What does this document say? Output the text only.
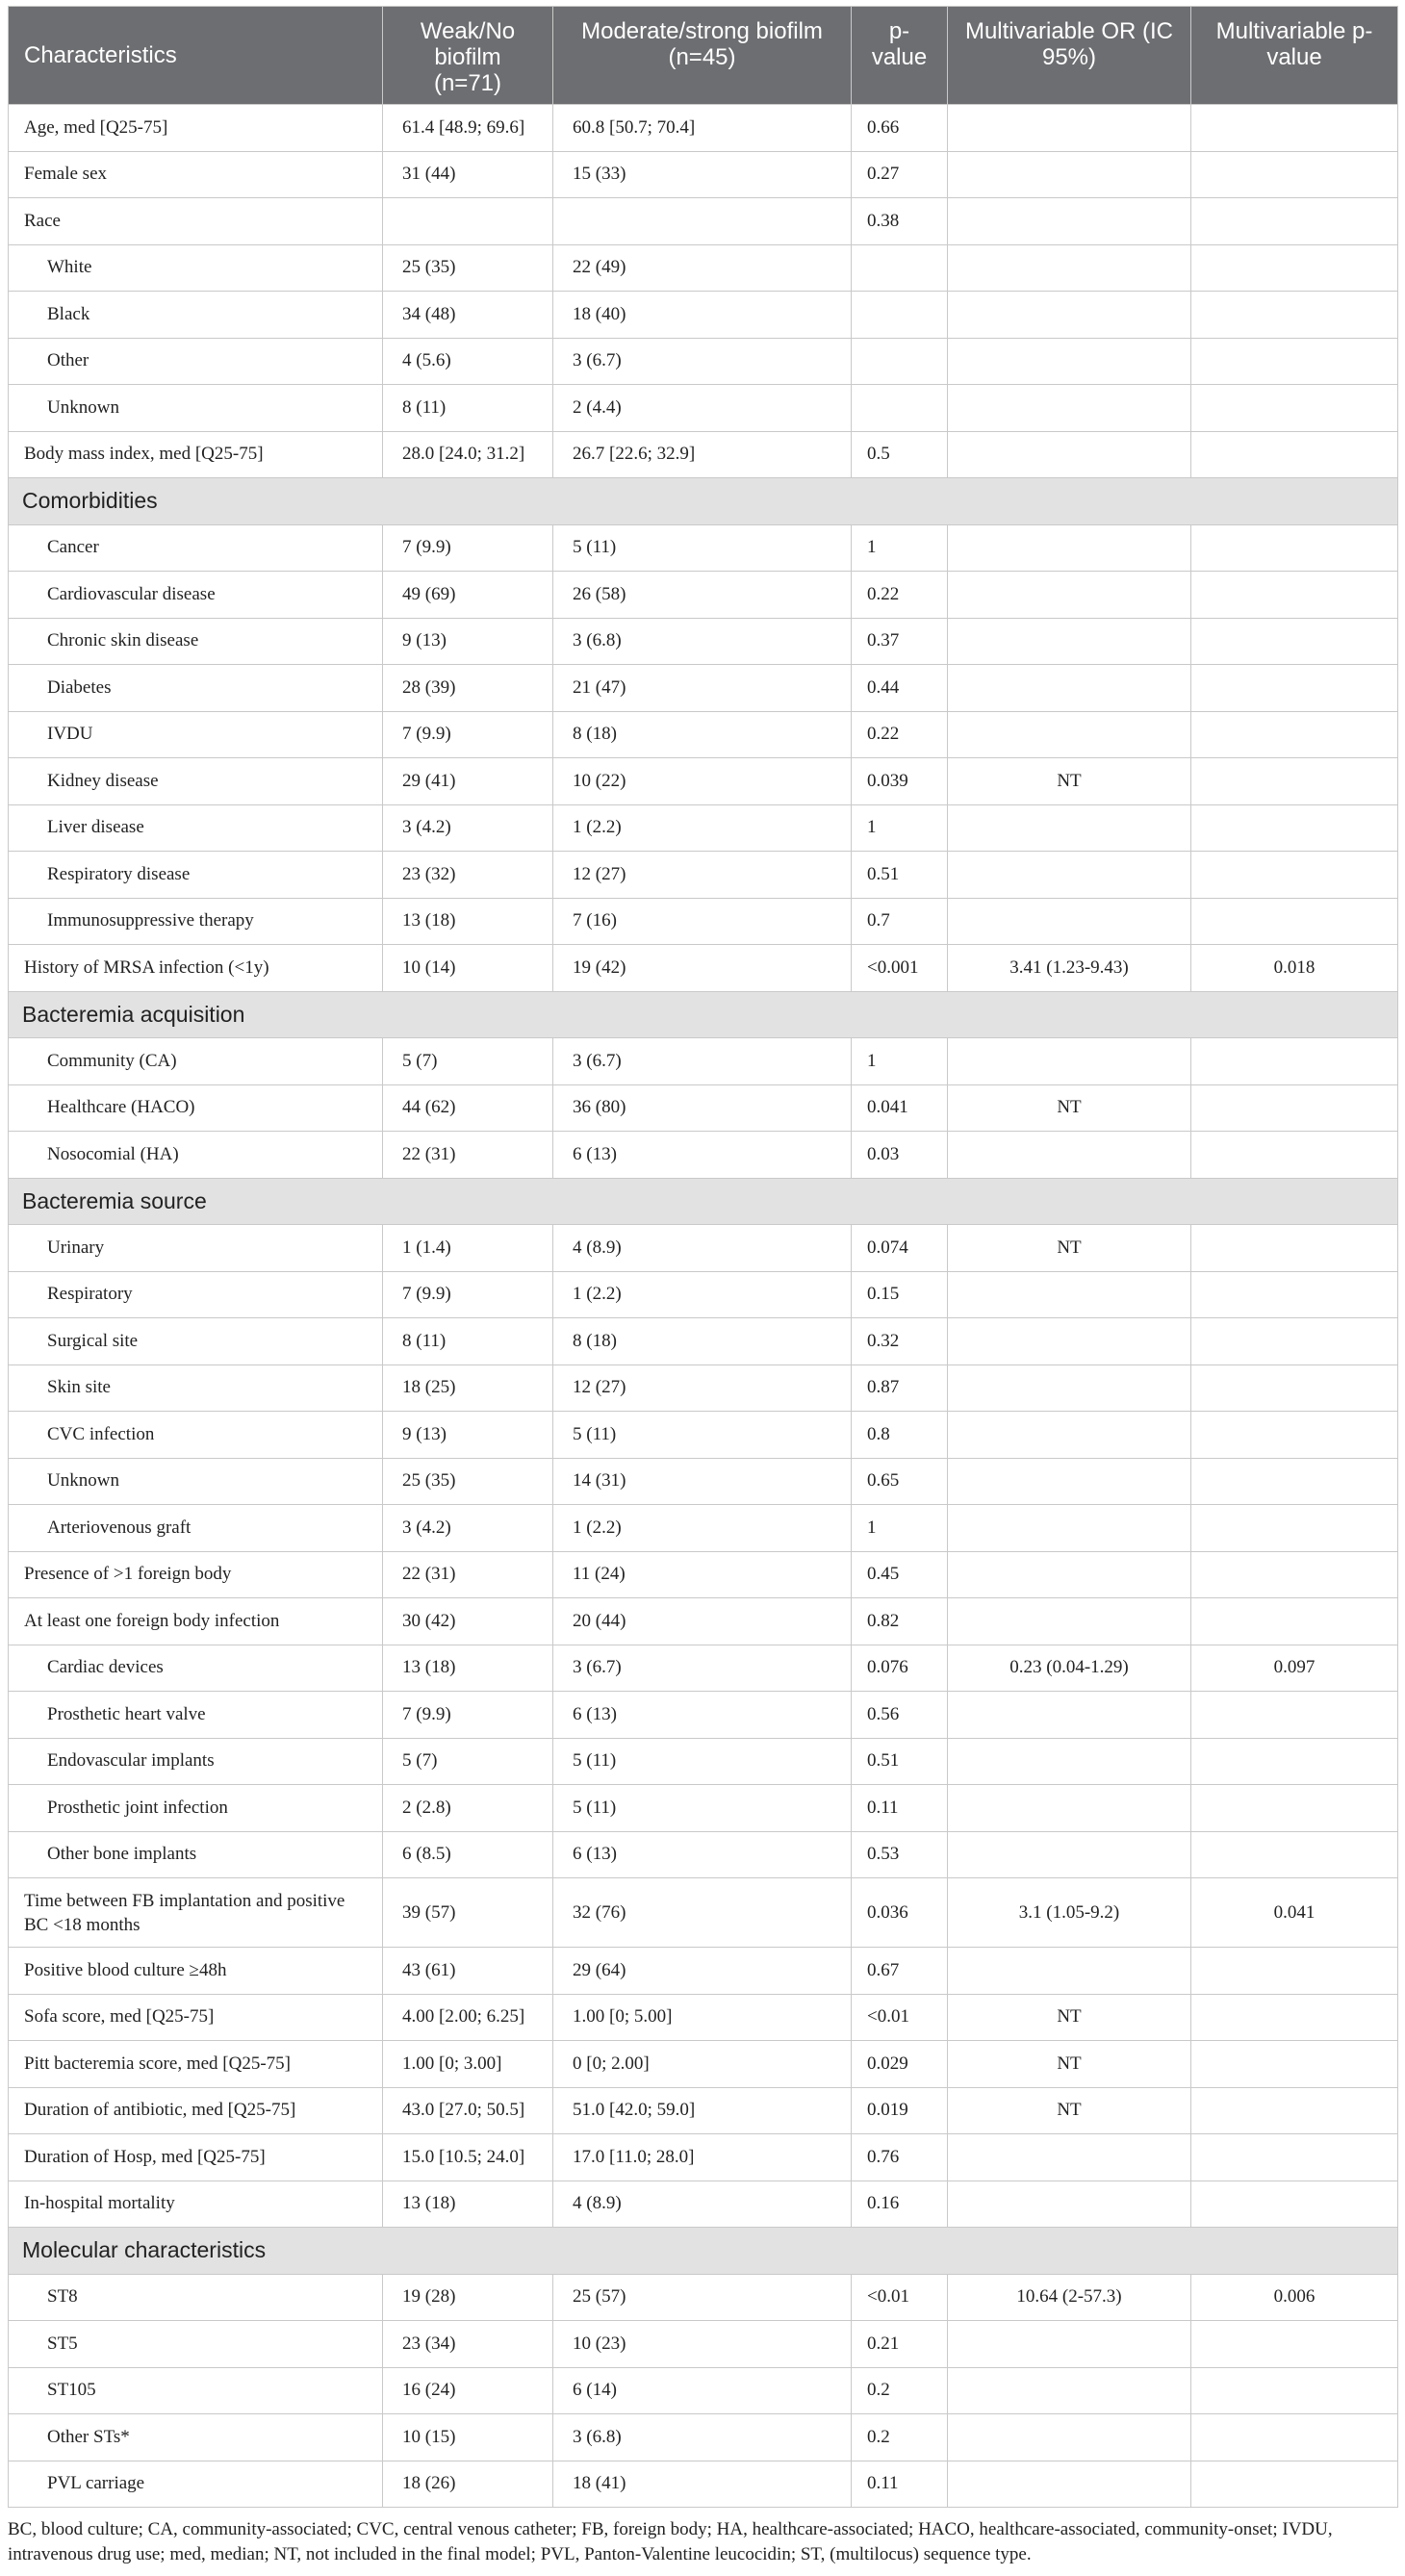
Characteristics	Weak/No biofilm (n=71)	Moderate/strong biofilm (n=45)	p-value	Multivariable OR (IC 95%)	Multivariable p-value
Age, med [Q25-75]	61.4 [48.9; 69.6]	60.8 [50.7; 70.4]	0.66		
Female sex	31 (44)	15 (33)	0.27		
Race			0.38		
White	25 (35)	22 (49)			
Black	34 (48)	18 (40)			
Other	4 (5.6)	3 (6.7)			
Unknown	8 (11)	2 (4.4)			
Body mass index, med [Q25-75]	28.0 [24.0; 31.2]	26.7 [22.6; 32.9]	0.5		
Comorbidities					
Cancer	7 (9.9)	5 (11)	1		
Cardiovascular disease	49 (69)	26 (58)	0.22		
Chronic skin disease	9 (13)	3 (6.8)	0.37		
Diabetes	28 (39)	21 (47)	0.44		
IVDU	7 (9.9)	8 (18)	0.22		
Kidney disease	29 (41)	10 (22)	0.039	NT	
Liver disease	3 (4.2)	1 (2.2)	1		
Respiratory disease	23 (32)	12 (27)	0.51		
Immunosuppressive therapy	13 (18)	7 (16)	0.7		
History of MRSA infection (<1y)	10 (14)	19 (42)	<0.001	3.41 (1.23-9.43)	0.018
Bacteremia acquisition					
Community (CA)	5 (7)	3 (6.7)	1		
Healthcare (HACO)	44 (62)	36 (80)	0.041	NT	
Nosocomial (HA)	22 (31)	6 (13)	0.03		
Bacteremia source					
Urinary	1 (1.4)	4 (8.9)	0.074	NT	
Respiratory	7 (9.9)	1 (2.2)	0.15		
Surgical site	8 (11)	8 (18)	0.32		
Skin site	18 (25)	12 (27)	0.87		
CVC infection	9 (13)	5 (11)	0.8		
Unknown	25 (35)	14 (31)	0.65		
Arteriovenous graft	3 (4.2)	1 (2.2)	1		
Presence of >1 foreign body	22 (31)	11 (24)	0.45		
At least one foreign body infection	30 (42)	20 (44)	0.82		
Cardiac devices	13 (18)	3 (6.7)	0.076	0.23 (0.04-1.29)	0.097
Prosthetic heart valve	7 (9.9)	6 (13)	0.56		
Endovascular implants	5 (7)	5 (11)	0.51		
Prosthetic joint infection	2 (2.8)	5 (11)	0.11		
Other bone implants	6 (8.5)	6 (13)	0.53		
Time between FB implantation and positive BC <18 months	39 (57)	32 (76)	0.036	3.1 (1.05-9.2)	0.041
Positive blood culture ≥48h	43 (61)	29 (64)	0.67		
Sofa score, med [Q25-75]	4.00 [2.00; 6.25]	1.00 [0; 5.00]	<0.01	NT	
Pitt bacteremia score, med [Q25-75]	1.00 [0; 3.00]	0 [0; 2.00]	0.029	NT	
Duration of antibiotic, med [Q25-75]	43.0 [27.0; 50.5]	51.0 [42.0; 59.0]	0.019	NT	
Duration of Hosp, med [Q25-75]	15.0 [10.5; 24.0]	17.0 [11.0; 28.0]	0.76		
In-hospital mortality	13 (18)	4 (8.9)	0.16		
Molecular characteristics					
ST8	19 (28)	25 (57)	<0.01	10.64 (2-57.3)	0.006
ST5	23 (34)	10 (23)	0.21		
ST105	16 (24)	6 (14)	0.2		
Other STs*	10 (15)	3 (6.8)	0.2		
PVL carriage	18 (26)	18 (41)	0.11		
BC, blood culture; CA, community-associated; CVC, central venous catheter; FB, foreign body; HA, healthcare-associated; HACO, healthcare-associated, community-onset; IVDU, intravenous drug use; med, median; NT, not included in the final model; PVL, Panton-Valentine leucocidin; ST, (multilocus) sequence type.
